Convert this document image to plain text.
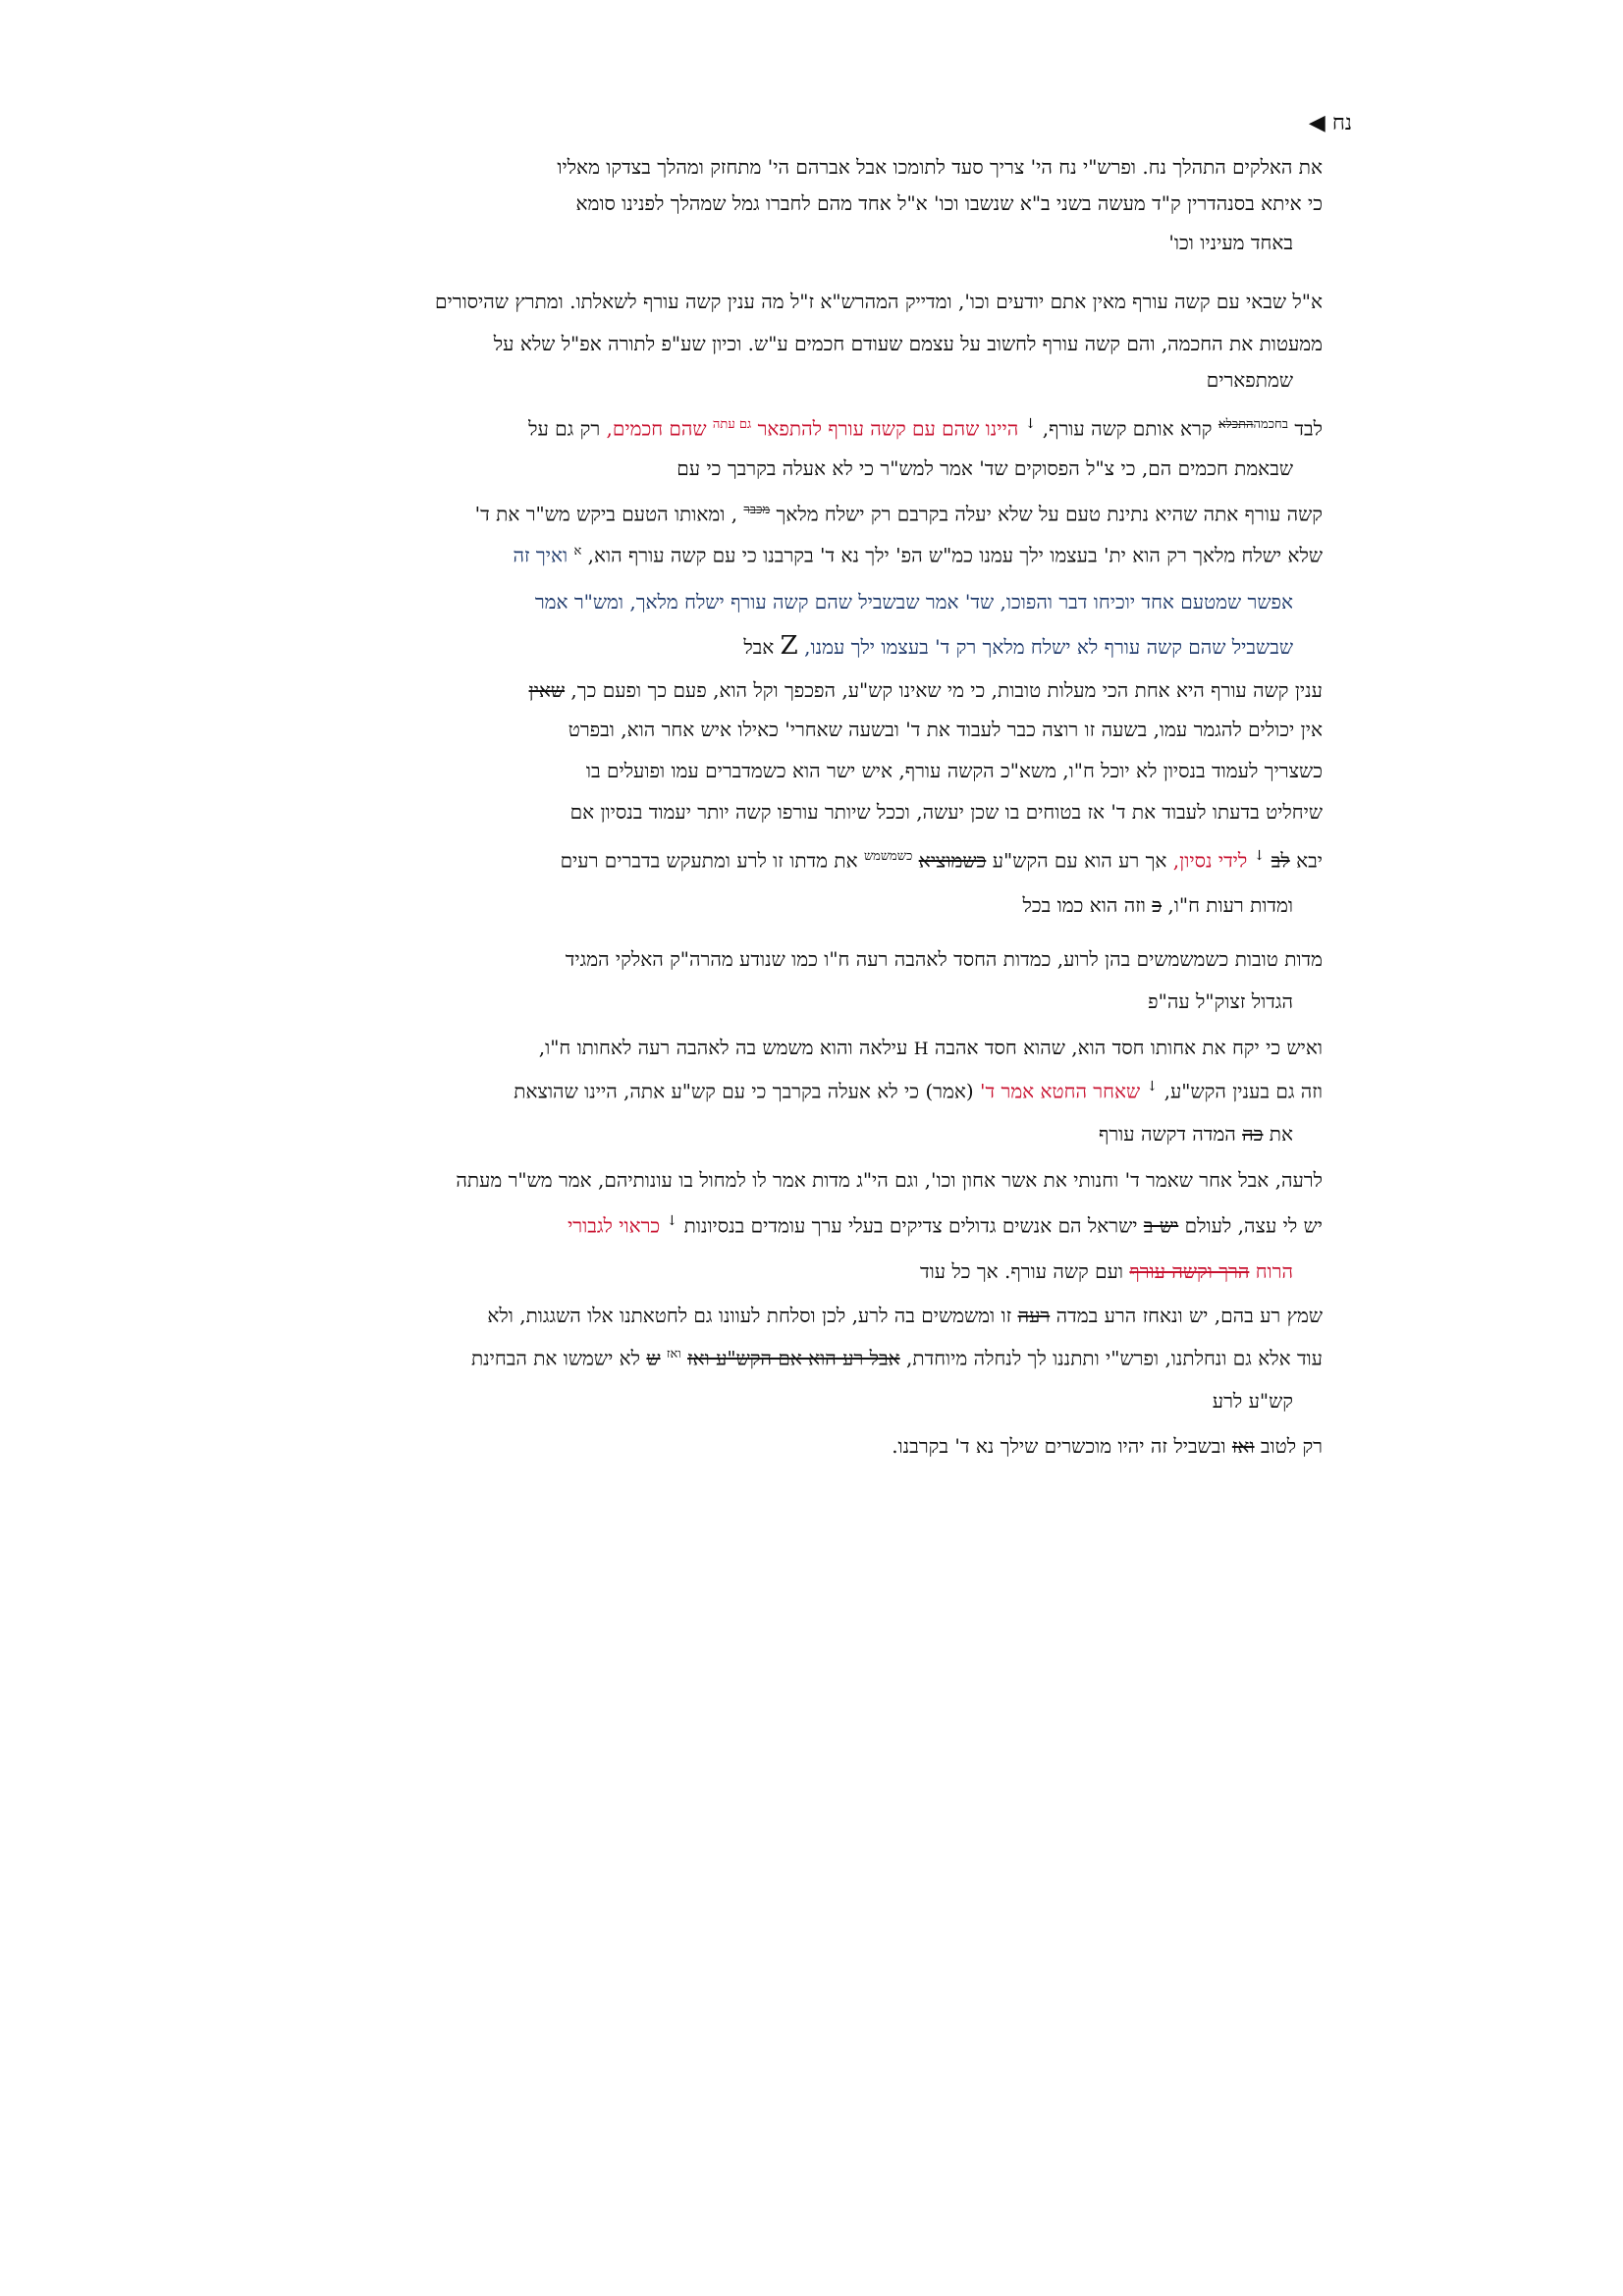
נח ◀
את האלקים התהלך נח. ופרש"י נח הי' צריך סעד לתומכו אבל אברהם הי' מתחזק ומהלך בצדקו מאליו
כי איתא בסנהדרין ק"ד מעשה בשני ב"א שנשבו וכו' א"ל אחד מהם לחברו גמל שמהלך לפנינו סומא
באחד מעיניו וכו'
א"ל שבאי עם קשה עורף מאין אתם יודעים וכו', ומדייק המהרש"א ז"ל מה ענין קשה עורף לשאלתו. ומתרץ שהיסורים
ממעטות את החכמה, והם קשה עורף לחשוב על עצמם שעודם חכמים ע"ש. וכיון שע"פ לתורה אפ"ל שלא על
שמתפארים
לבד $^{בחכמההתכלא}$ קרא אותם קשה עורף, ↓ היינו שהם עם קשה עורף להתפאר $^{גם עתה}$ שהם חכמים, רק גם על
שבאמת חכמים הם, כי צ"ל הפסוקים שד' אמר למש"ר כי לא אעלה בקרבך כי עם
קשה עורף אתה שהיא נתינת טעם על שלא יעלה בקרבם רק ישלח מלאך $^{מכבר}$ , ומאותו הטעם ביקש מש"ר את ד'
שלא ישלח מלאך רק הוא ית' בעצמו ילך עמנו כמ"ש הפ' ילך נא ד' בקרבנו כי עם קשה עורף הוא, $^א$ ואיך זה
אפשר שמטעם אחד יוכיחו דבר והפוכו, שד' אמר שבשביל שהם קשה עורף ישלח מלאך, ומש"ר אמר
שבשביל שהם קשה עורף לא ישלח מלאך רק ד' בעצמו ילך עמנו, Z אבל
ענין קשה עורף היא אחת הכי מעלות טובות, כי מי שאינו קש"ע, הפכפך וקל הוא, פעם כך ופעם כך, שאין
אין יכולים להגמר עמו, בשעה זו רוצה כבר לעבוד את ד' ובשעה שאחרי' כאילו איש אחר הוא, ובפרט
כשצריך לעמוד בנסיון לא יוכל ח"ו, משא"כ הקשה עורף, איש ישר הוא כשמדברים עמו ופועלים בו
שיחליט בדעתו לעבוד את ד' אז בטוחים בו שכן יעשה, וככל שיותר עורפו קשה יותר יעמוד בנסיון אם
יבא לב ↓ לידי נסיון, אך רע הוא עם הקש"ע כשמוציא $^{כשמשמש}$ את מדתו זו לרע ומתעקש בדברים רעים
ומדות רעות ח"ו, כ וזה הוא כמו בכל
מדות טובות כשמשמשים בהן לרוע, כמדות החסד לאהבה רעה ח"ו כמו שנודע מהרה"ק האלקי המגיד
הגדול זצוק"ל עה"פ
ואיש כי יקח את אחותו חסד הוא, שהוא חסד אהבה H עילאה והוא משמש בה לאהבה רעה לאחותו ח"ו,
וזה גם בענין הקש"ע, ↓ שאחר החטא אמר ד' (אמר) כי לא אעלה בקרבך כי עם קש"ע אתה, היינו שהוצאת
את כה המדה דקשה עורף
לרעה, אבל אחר שאמר ד' וחנותי את אשר אחון וכו', וגם הי"ג מדות אמר לו למחול בו עונותיהם, אמר מש"ר מעתה
יש לי עצה, לעולם יש ב ישראל הם אנשים גדולים צדיקים בעלי ערך עומדים בנסיונות ↓ כראוי לגבורי
הרוח הרך וקשה עורף ועם קשה עורף. אך כל עוד
שמץ רע בהם, יש ונאחז הרע במדה רעה זו ומשמשים בה לרע, לכן וסלחת לעוונו גם לחטאתנו אלו השגגות, ולא
עוד אלא גם ונחלתנו, ופרש"י ותתננו לך לנחלה מיוחדת, אבל רע הוא אם הקש"ע ואז $^{ואז}$ ש לא ישמשו את הבחינת
קש"ע לרע
רק לטוב ואז ובשביל זה יהיו מוכשרים שילך נא ד' בקרבנו.
